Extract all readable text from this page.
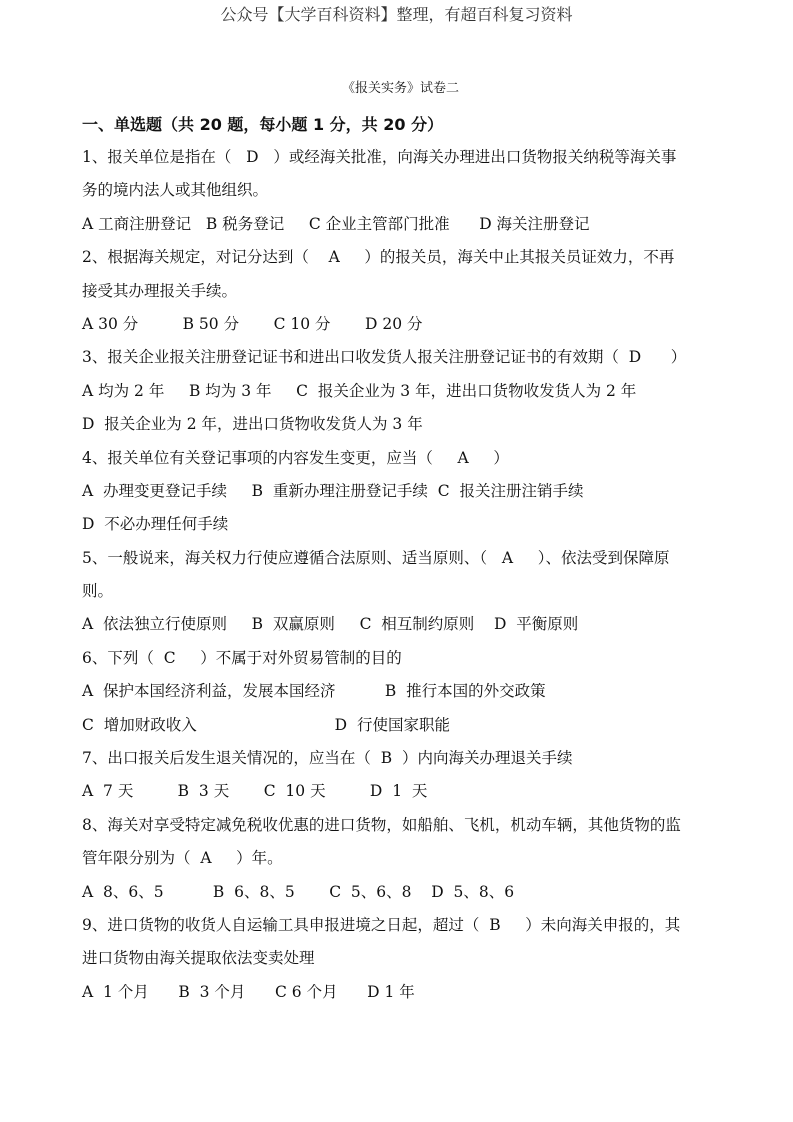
公众号【大学百科资料】整理，有超百科复习资料
《报关实务》试卷二
一、单选题（共 20 题，每小题 1 分，共 20 分）
1、报关单位是指在（   D   ）或经海关批准，向海关办理进出口货物报关纳税等海关事
务的境内法人或其他组织。
A 工商注册登记   B 税务登记     C 企业主管部门批准      D 海关注册登记
2、根据海关规定，对记分达到（    A     ）的报关员，海关中止其报关员证效力，不再
接受其办理报关手续。
A 30 分         B 50 分       C 10 分       D 20 分
3、报关企业报关注册登记证书和进出口收发货人报关注册登记证书的有效期（  D      ）
A 均为 2 年     B 均为 3 年     C  报关企业为 3 年，进出口货物收发货人为 2 年
D  报关企业为 2 年，进出口货物收发货人为 3 年
4、报关单位有关登记事项的内容发生变更，应当（     A     ）
A  办理变更登记手续     B  重新办理注册登记手续  C  报关注册注销手续
D  不必办理任何手续
5、一般说来，海关权力行使应遵循合法原则、适当原则、（   A     ）、依法受到保障原
则。
A  依法独立行使原则     B  双赢原则     C  相互制约原则    D  平衡原则
6、下列（  C     ）不属于对外贸易管制的目的
A  保护本国经济利益，发展本国经济          B  推行本国的外交政策
C  增加财政收入                            D  行使国家职能
7、出口报关后发生退关情况的，应当在（  B  ）内向海关办理退关手续
A  7 天         B  3 天       C  10 天         D  1  天
8、海关对享受特定减免税收优惠的进口货物，如船舶、飞机，机动车辆，其他货物的监
管年限分别为（  A     ）年。
A  8、6、5          B  6、8、5       C  5、6、8    D  5、8、6
9、进口货物的收货人自运输工具申报进境之日起，超过（  B     ）未向海关申报的，其
进口货物由海关提取依法变卖处理
A  1 个月      B  3 个月      C 6 个月      D 1 年
